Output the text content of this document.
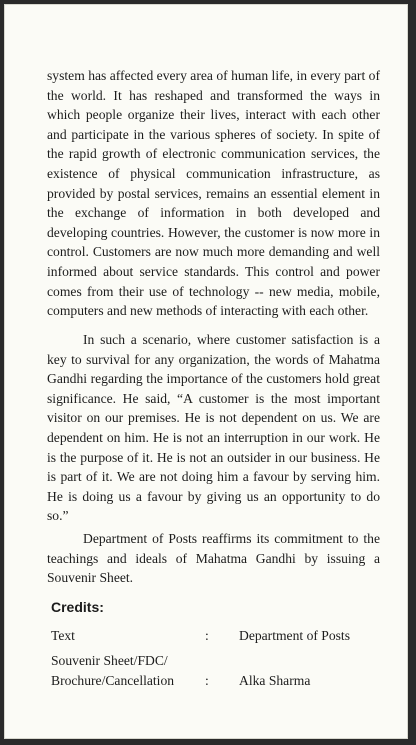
system has affected every area of human life, in every part of the world. It has reshaped and transformed the ways in which people organize their lives, interact with each other and participate in the various spheres of society. In spite of the rapid growth of electronic communication services, the existence of physical communication infrastructure, as provided by postal services, remains an essential element in the exchange of information in both developed and developing countries. However, the customer is now more in control. Customers are now much more demanding and well informed about service standards. This control and power comes from their use of technology -- new media, mobile, computers and new methods of interacting with each other.

In such a scenario, where customer satisfaction is a key to survival for any organization, the words of Mahatma Gandhi regarding the importance of the customers hold great significance. He said, “A customer is the most important visitor on our premises. He is not dependent on us. We are dependent on him. He is not an interruption in our work. He is the purpose of it. He is not an outsider in our business. He is part of it. We are not doing him a favour by serving him. He is doing us a favour by giving us an opportunity to do so.”

Department of Posts reaffirms its commitment to the teachings and ideals of Mahatma Gandhi by issuing a Souvenir Sheet.

Credits:
Text	: Department of Posts
Souvenir Sheet/FDC/ Brochure/Cancellation	: Alka Sharma
